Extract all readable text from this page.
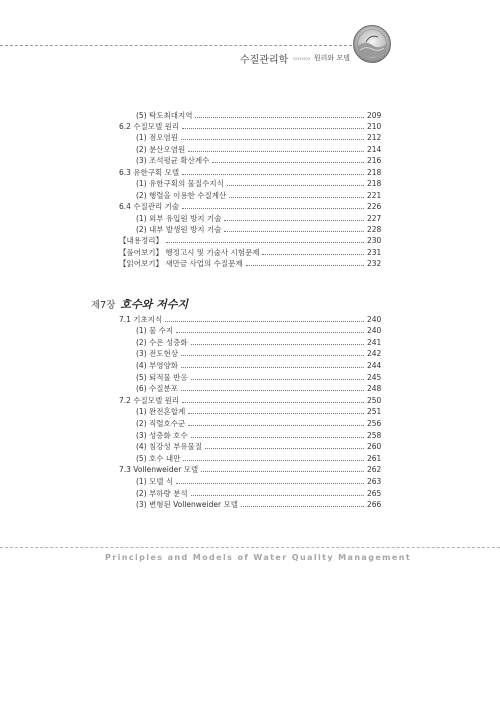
수질관리학 ›››››››› 원리와 모델
제7장 호수와 저수지
(5) 탁도최대지역	209
6.2 수질모델 원리	210
(1) 점오염원	212
(2) 분산오염원	214
(3) 조석평균 확산계수	216
6.3 유한구획 모델	218
(1) 유한구획의 물질수지식	218
(2) 행렬을 이용한 수질계산	221
6.4 수질관리 기술	226
(1) 외부 유입원 방지 기술	227
(2) 내부 발생원 방지 기술	228
【내용정리】	230
【풀어보기】 행정고시 및 기술사 시험문제	231
【읽어보기】 새만금 사업의 수질문제	232
7.1 기초지식	240
(1) 물 수지	240
(2) 수온 성층화	241
(3) 전도현상	242
(4) 부영양화	244
(5) 퇴적물 반응	245
(6) 수질분포	248
7.2 수질모델 원리	250
(1) 완전혼합계	251
(2) 직렬호수군	256
(3) 성층화 호수	258
(4) 침강성 부유물질	260
(5) 호수 내만	261
7.3 Vollenweider 모델	262
(1) 모델 식	263
(2) 부하량 분석	265
(3) 변형된 Vollenweider 모델	266
Principles and Models of Water Quality Management
